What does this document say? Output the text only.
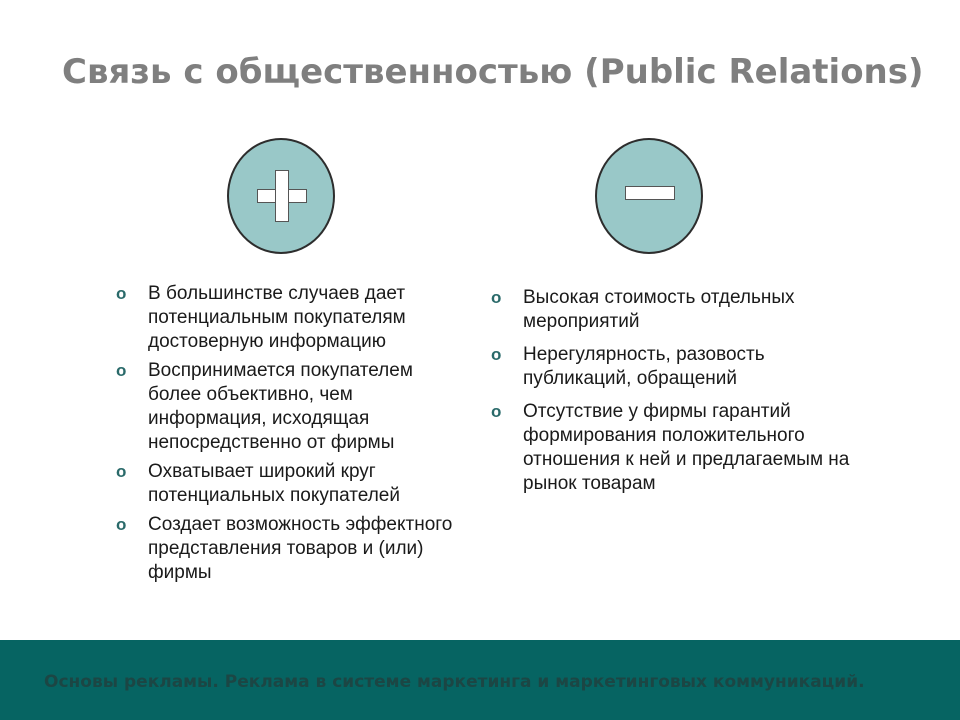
Связь с общественностью (Public Relations)
o В большинстве случаев дает потенциальным покупателям достоверную информацию
o Воспринимается покупателем более объективно, чем информация, исходящая непосредственно от фирмы
o Охватывает широкий круг потенциальных покупателей
o Создает возможность эффектного представления товаров и (или) фирмы
o Высокая стоимость отдельных мероприятий
o Нерегулярность, разовость публикаций, обращений
o Отсутствие у фирмы гарантий формирования положительного отношения к ней и предлагаемым на рынок товарам
Основы рекламы. Реклама в системе маркетинга и маркетинговых коммуникаций.
